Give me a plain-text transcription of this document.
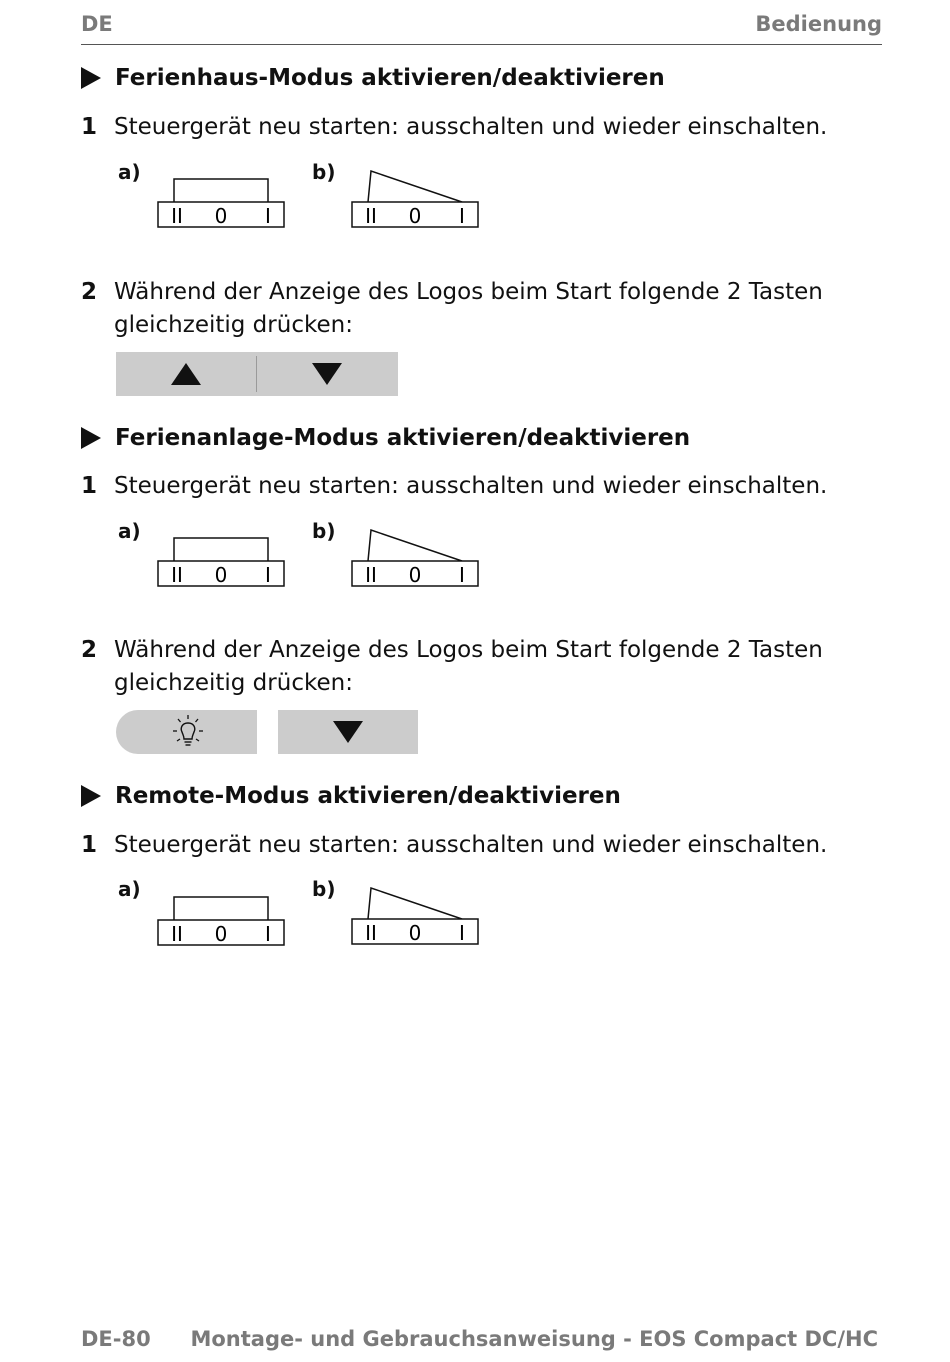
DE	Bedienung
Ferienhaus-Modus aktivieren/deaktivieren
1 Steuergerät neu starten: ausschalten und wieder einschalten.
a)
II 0 I
b)
II 0 I
2 Während der Anzeige des Logos beim Start folgende 2 Tasten gleichzeitig drücken:
Ferienanlage-Modus aktivieren/deaktivieren
1 Steuergerät neu starten: ausschalten und wieder einschalten.
a)
II 0 I
b)
II 0 I
2 Während der Anzeige des Logos beim Start folgende 2 Tasten gleichzeitig drücken:
Remote-Modus aktivieren/deaktivieren
1 Steuergerät neu starten: ausschalten und wieder einschalten.
a)
II 0 I
b)
II 0 I
DE-80 Montage- und Gebrauchsanweisung - EOS Compact DC/HC
